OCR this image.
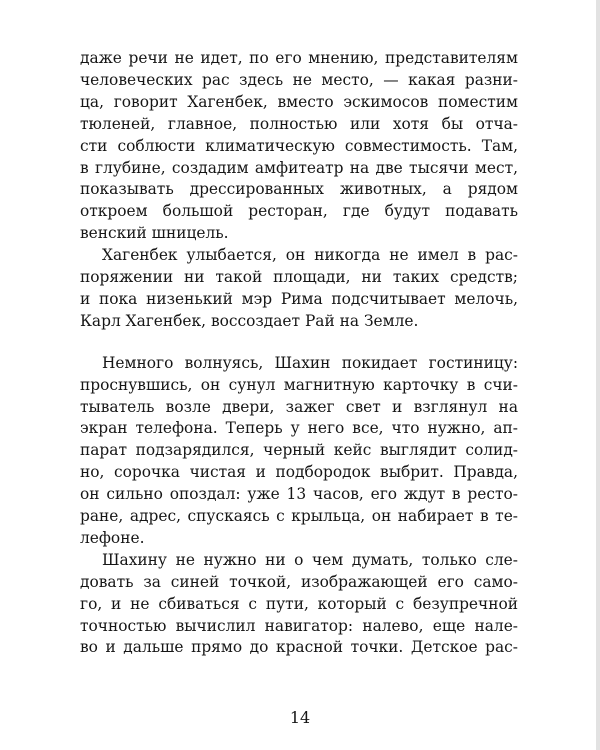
даже речи не идет, по его мнению, представителям
человеческих рас здесь не место, — какая разни-
ца, говорит Хагенбек, вместо эскимосов поместим
тюленей, главное, полностью или хотя бы отча-
сти соблюсти климатическую совместимость. Там,
в глубине, создадим амфитеатр на две тысячи мест,
показывать дрессированных животных, а рядом
откроем большой ресторан, где будут подавать
венский шницель.
Хагенбек улыбается, он никогда не имел в рас-
поряжении ни такой площади, ни таких средств;
и пока низенький мэр Рима подсчитывает мелочь,
Карл Хагенбек, воссоздает Рай на Земле.
Немного волнуясь, Шахин покидает гостиницу:
проснувшись, он сунул магнитную карточку в счи-
тыватель возле двери, зажег свет и взглянул на
экран телефона. Теперь у него все, что нужно, ап-
парат подзарядился, черный кейс выглядит солид-
но, сорочка чистая и подбородок выбрит. Правда,
он сильно опоздал: уже 13 часов, его ждут в ресто-
ране, адрес, спускаясь с крыльца, он набирает в те-
лефоне.
Шахину не нужно ни о чем думать, только сле-
довать за синей точкой, изображающей его само-
го, и не сбиваться с пути, который с безупречной
точностью вычислил навигатор: налево, еще нале-
во и дальше прямо до красной точки. Детское рас-
14
